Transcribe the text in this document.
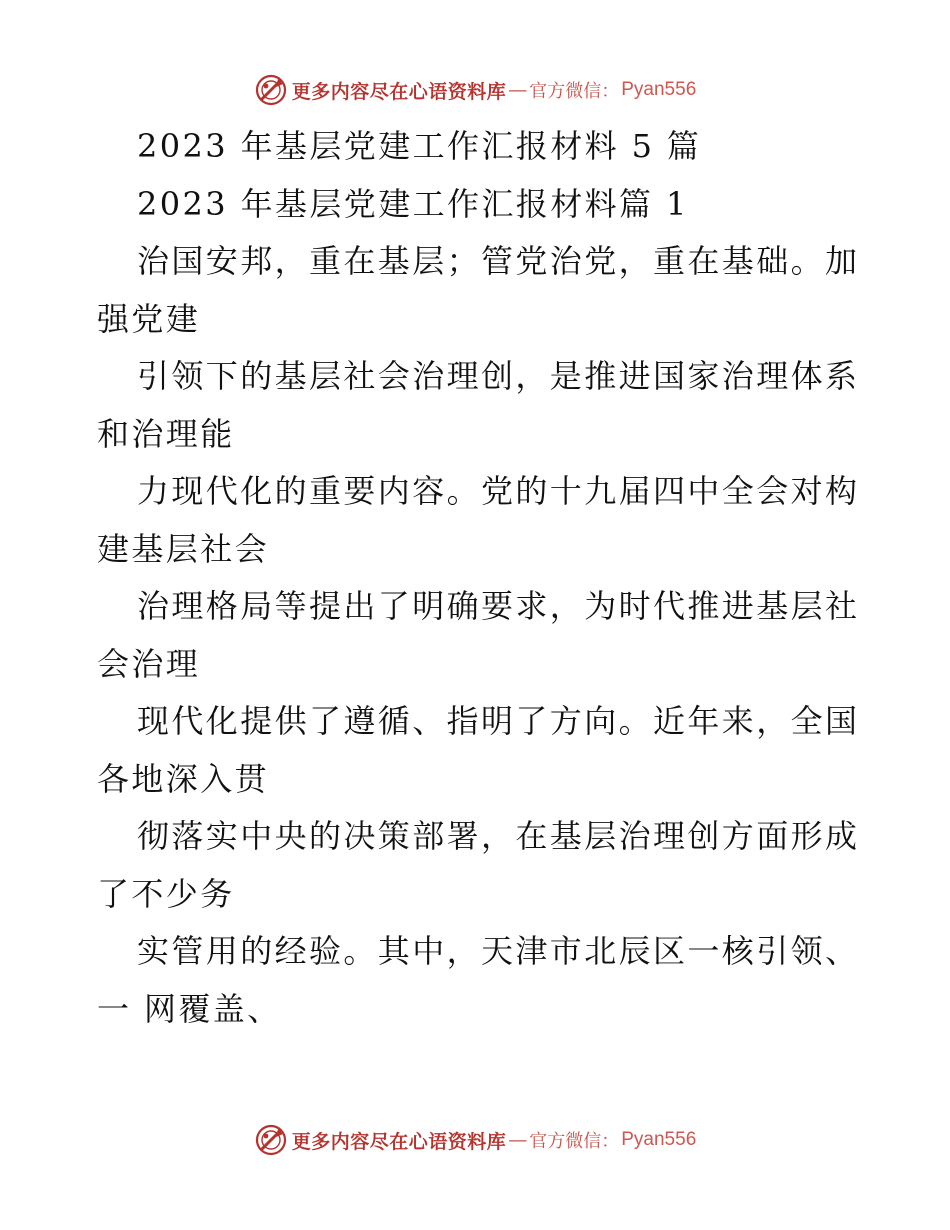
更多内容尽在心语资料库 — 官方微信： Pyan556
2023 年基层党建工作汇报材料 5 篇
2023 年基层党建工作汇报材料篇 1
治国安邦，重在基层；管党治党，重在基础。加
强党建
引领下的基层社会治理创，是推进国家治理体系
和治理能
力现代化的重要内容。党的十九届四中全会对构
建基层社会
治理格局等提出了明确要求，为时代推进基层社
会治理
现代化提供了遵循、指明了方向。近年来，全国
各地深入贯
彻落实中央的决策部署，在基层治理创方面形成
了不少务
实管用的经验。其中，天津市北辰区一核引领、
一 网覆盖、
更多内容尽在心语资料库 — 官方微信： Pyan556
